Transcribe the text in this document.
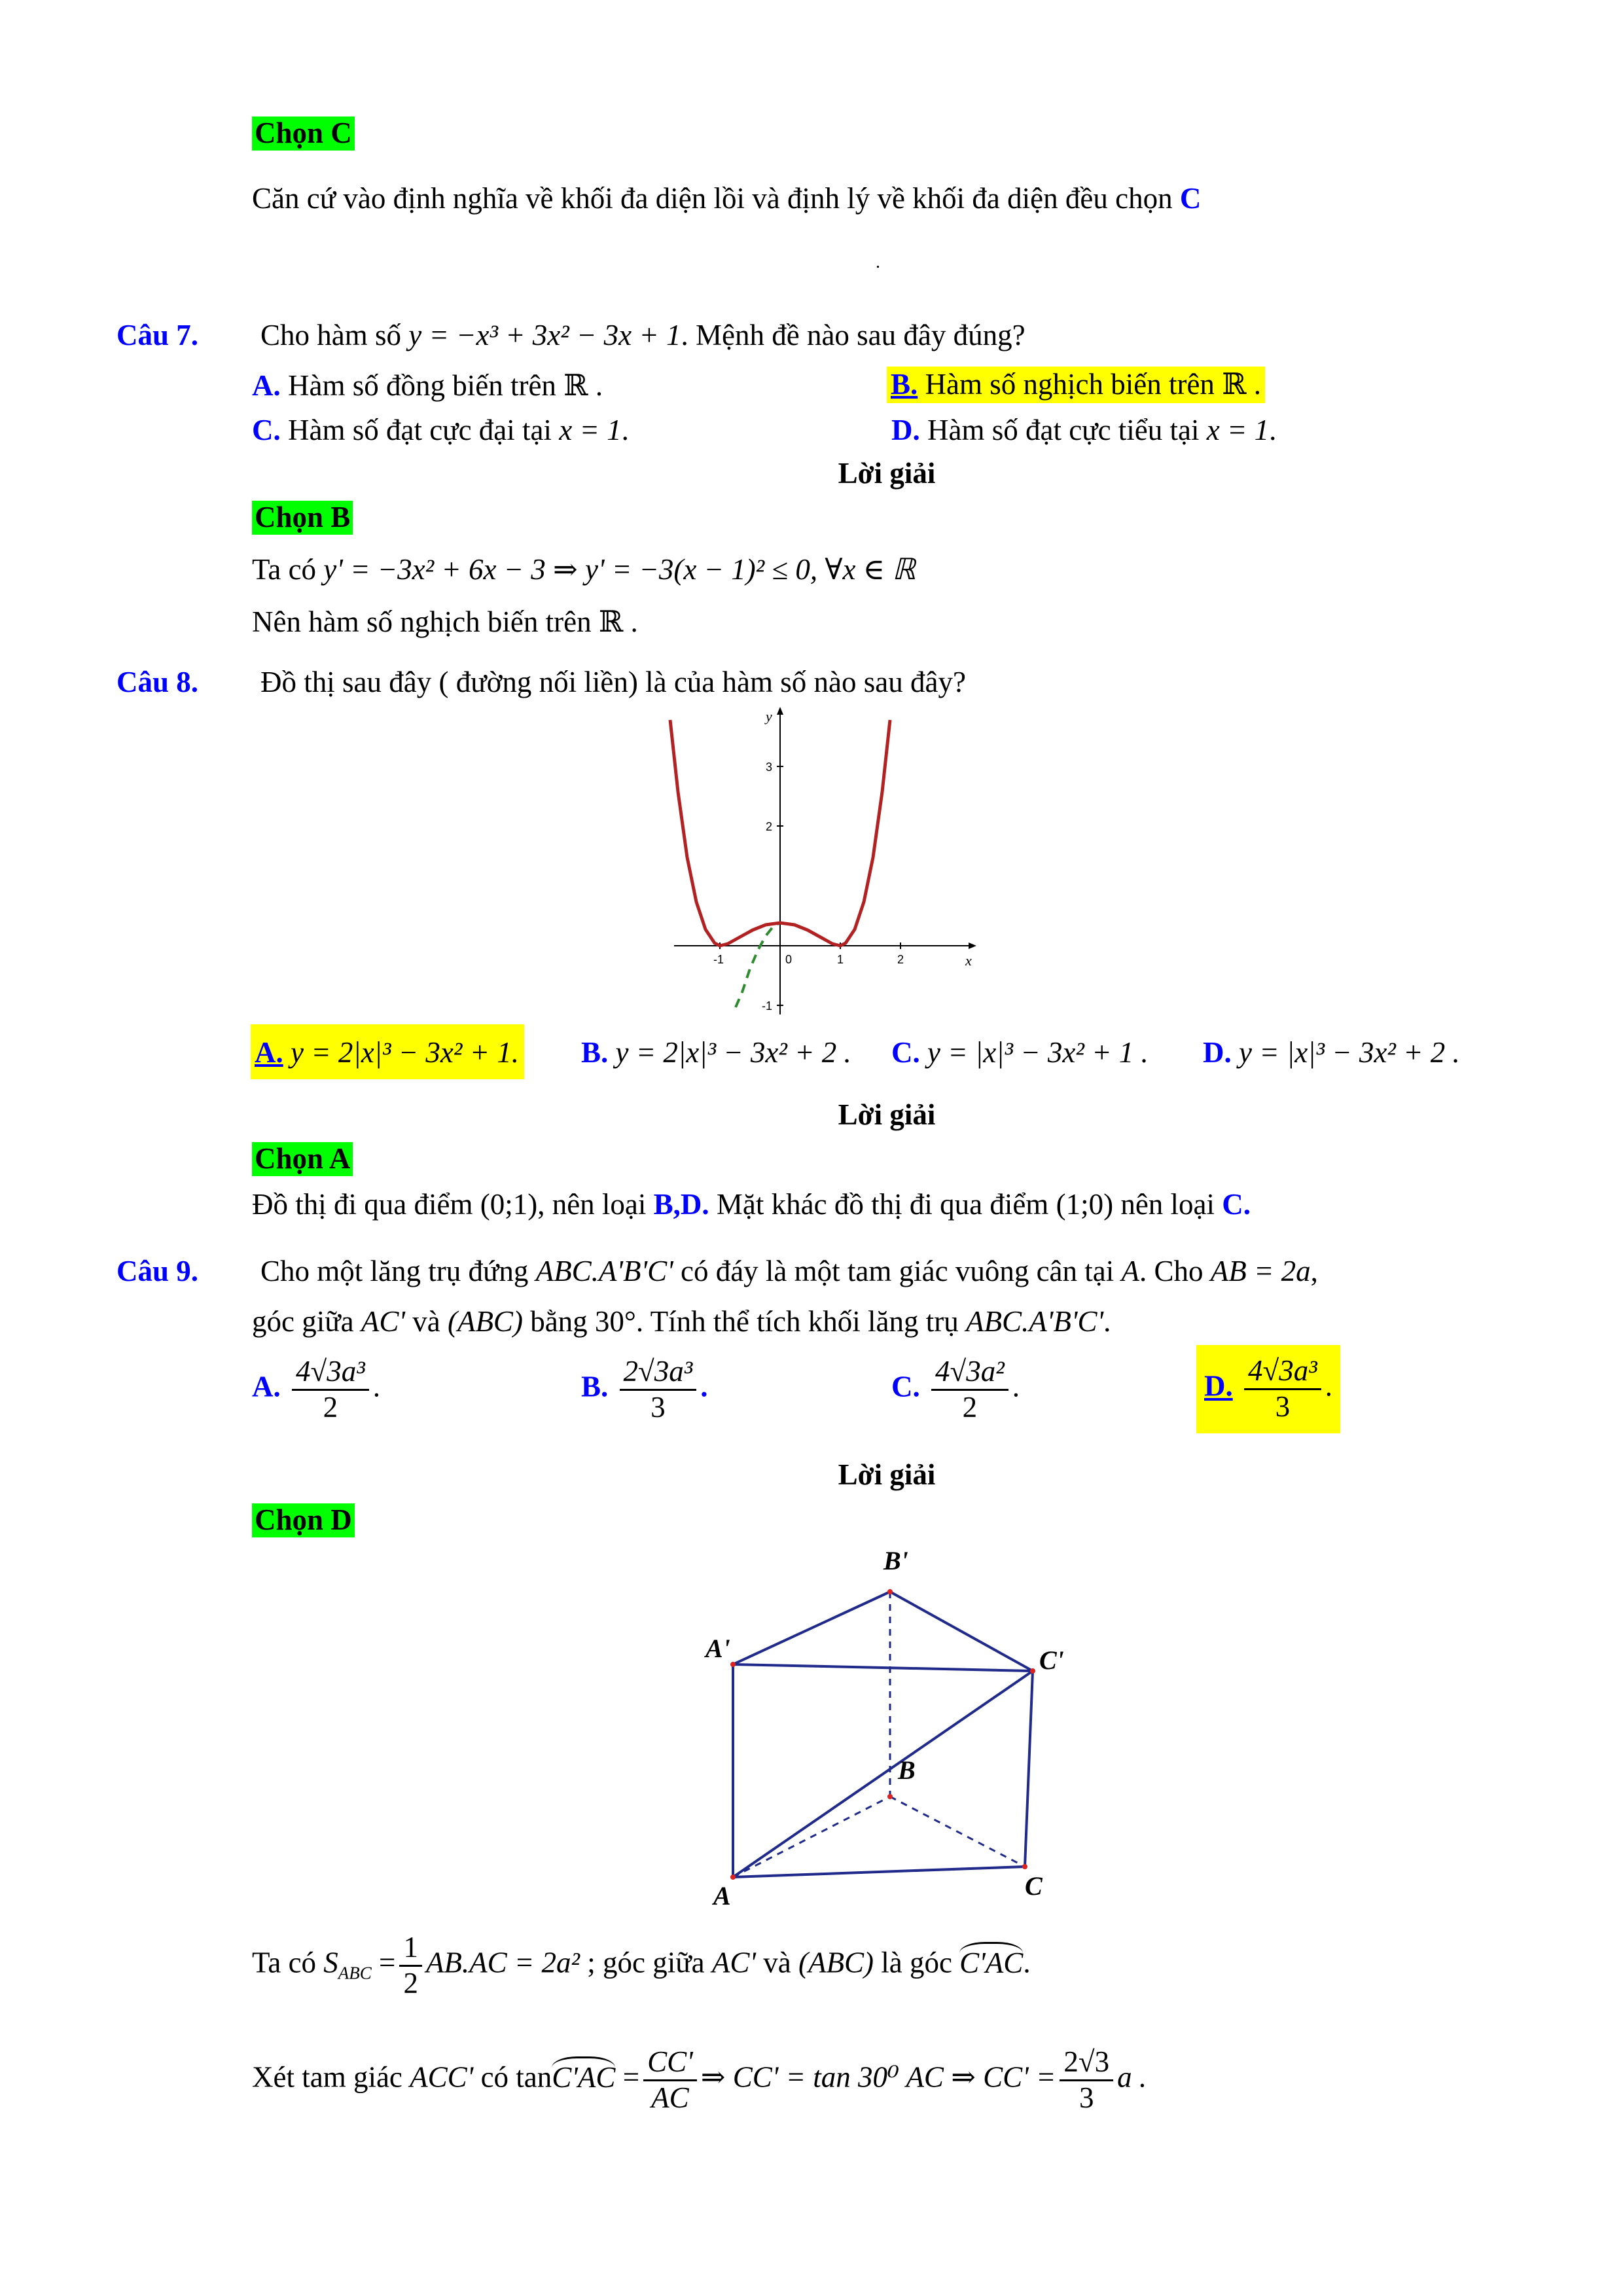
Chọn C
Căn cứ vào định nghĩa về khối đa diện lồi và định lý về khối đa diện đều chọn C
.
Câu 7. Cho hàm số y = −x³ + 3x² − 3x + 1. Mệnh đề nào sau đây đúng?
A. Hàm số đồng biến trên ℝ .	B. Hàm số nghịch biến trên ℝ .
C. Hàm số đạt cực đại tại x = 1.	D. Hàm số đạt cực tiểu tại x = 1.
Lời giải
Chọn B
Ta có y' = −3x² + 6x − 3 ⇒ y' = −3(x − 1)² ≤ 0, ∀x ∈ ℝ
Nên hàm số nghịch biến trên ℝ .
Câu 8. Đồ thị sau đây ( đường nối liền) là của hàm số nào sau đây?
y
x
3
2
-1
-1	0	1	2
A. y = 2|x|³ − 3x² + 1. B. y = 2|x|³ − 3x² + 2 . C. y = |x|³ − 3x² + 1 . D. y = |x|³ − 3x² + 2 .
Lời giải
Chọn A
Đồ thị đi qua điểm (0;1), nên loại B,D. Mặt khác đồ thị đi qua điểm (1;0) nên loại C.
Câu 9. Cho một lăng trụ đứng ABC.A'B'C' có đáy là một tam giác vuông cân tại A. Cho AB = 2a,
góc giữa AC' và (ABC) bằng 30°. Tính thể tích khối lăng trụ ABC.A'B'C'.
A. $\frac{\text{4√3a³}}{2}$ .	B. $\frac{\text{2√3a³}}{3}$ .	C. $\frac{\text{4√3a²}}{2}$ .	D. $\frac{\text{4√3a³}}{3}$ .
Lời giải
Chọn D
B'
A'	C'
B
A	C
Ta có $S_{ABC} = \frac{1}{2} AB.AC = 2a^2$ ; góc giữa AC' và (ABC) là góc C'AC.
Xét tam giác ACC' có $\tan C'AC = \frac{CC'}{AC}$ ⇒ CC' = tan 30⁰ AC ⇒ $CC' = \frac{2√3}{3}$ a .
